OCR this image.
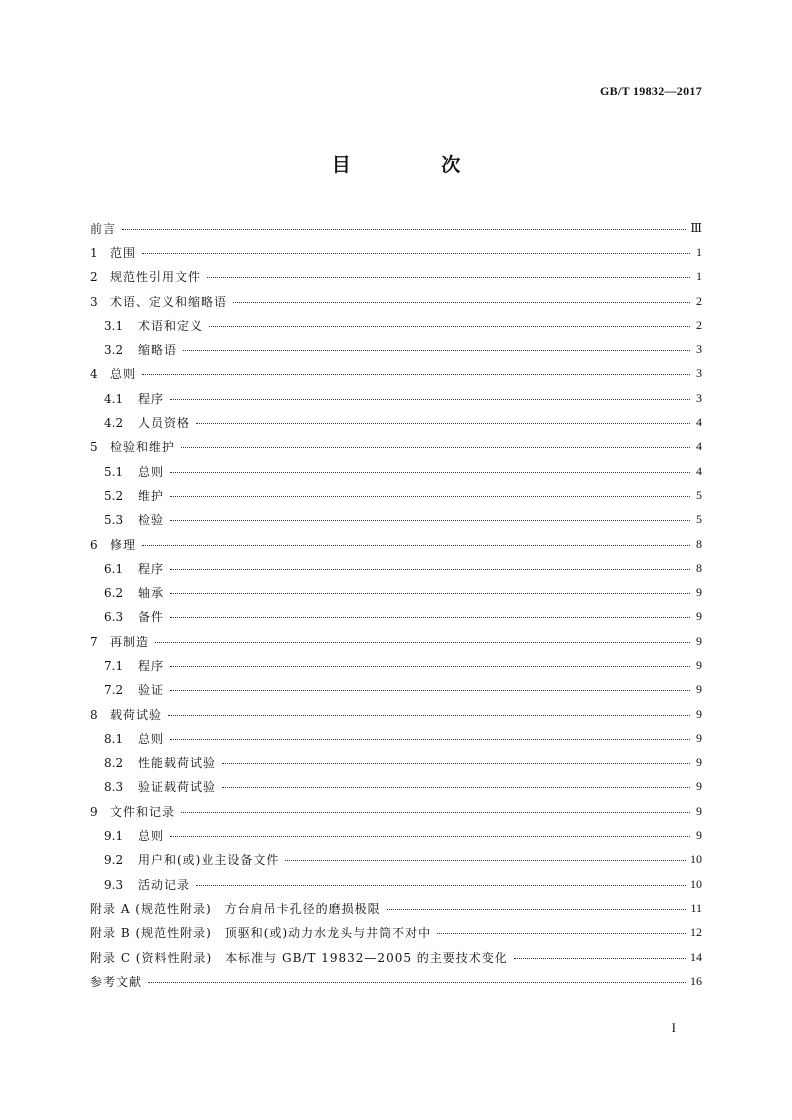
GB/T 19832—2017
目 次
前言	Ⅲ
1 范围	1
2 规范性引用文件	1
3 术语、定义和缩略语	2
3.1 术语和定义	2
3.2 缩略语	3
4 总则	3
4.1 程序	3
4.2 人员资格	4
5 检验和维护	4
5.1 总则	4
5.2 维护	5
5.3 检验	5
6 修理	8
6.1 程序	8
6.2 轴承	9
6.3 备件	9
7 再制造	9
7.1 程序	9
7.2 验证	9
8 载荷试验	9
8.1 总则	9
8.2 性能载荷试验	9
8.3 验证载荷试验	9
9 文件和记录	9
9.1 总则	9
9.2 用户和(或)业主设备文件	10
9.3 活动记录	10
附录 A (规范性附录)　方台肩吊卡孔径的磨损极限	11
附录 B (规范性附录)　顶驱和(或)动力水龙头与井筒不对中	12
附录 C (资料性附录)　本标准与 GB/T 19832—2005 的主要技术变化	14
参考文献	16
I
